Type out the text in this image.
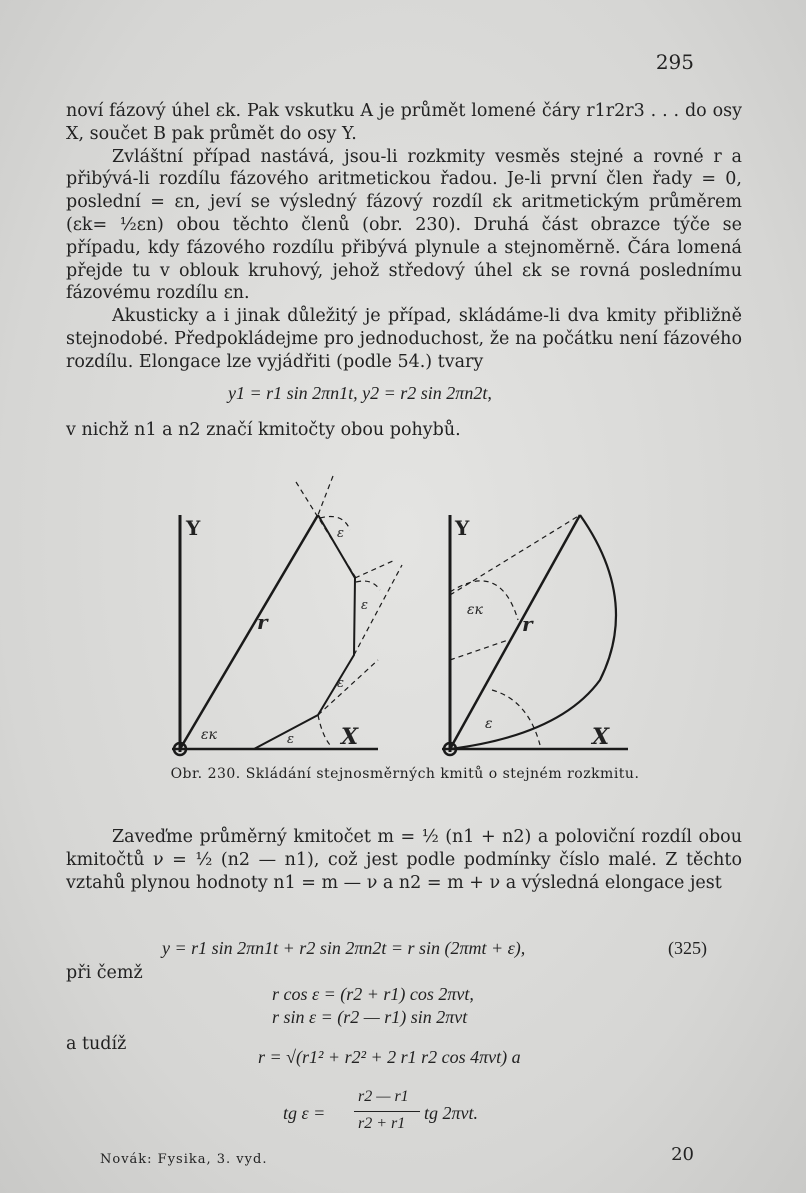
295

noví fázový úhel εk. Pak vskutku A je průmět lomené čáry r1r2r3 . . . do osy X, součet B pak průmět do osy Y.

Zvláštní případ nastává, jsou-li rozkmity vesměs stejné a rovné r a přibývá-li rozdílu fázového aritmetickou řadou. Je-li první člen řady = 0, poslední = εn, jeví se výsledný fázový rozdíl εk aritmetickým průměrem (εk= ½εn) obou těchto členů (obr. 230). Druhá část obrazce týče se případu, kdy fázového rozdílu přibývá plynule a stejnoměrně. Čára lomená přejde tu v oblouk kruhový, jehož středový úhel εk se rovná poslednímu fázovému rozdílu εn.

Akusticky a i jinak důležitý je případ, skládáme-li dva kmity přibližně stejnodobé. Předpokládejme pro jednoduchost, že na počátku není fázového rozdílu. Elongace lze vyjádřiti (podle 54.) tvary

y1 = r1 sin 2πn1t, y2 = r2 sin 2πn2t,
v nichž n1 a n2 značí kmitočty obou pohybů.
Y
X
r
ε
ε
ε
ε
εк
Y
X
r
ε
εк
Obr. 230. Skládání stejnosměrných kmitů o stejném rozkmitu.
Zaveďme průměrný kmitočet m = ½ (n1 + n2) a poloviční rozdíl obou kmitočtů ν = ½ (n2 — n1), což jest podle podmínky číslo malé. Z těchto vztahů plynou hodnoty n1 = m — ν a n2 = m + ν a výsledná elongace jest
y = r1 sin 2πn1t + r2 sin 2πn2t = r sin (2πmt + ε),	(325)
při čemž
r cos ε = (r2 + r1) cos 2πνt,
r sin ε = (r2 — r1) sin 2πνt
a tudíž
r = √(r1² + r2² + 2 r1 r2 cos 4πνt) a
tg ε =
r2 — r1
r2 + r1
tg 2πνt.
Novák: Fysika, 3. vyd.	20
